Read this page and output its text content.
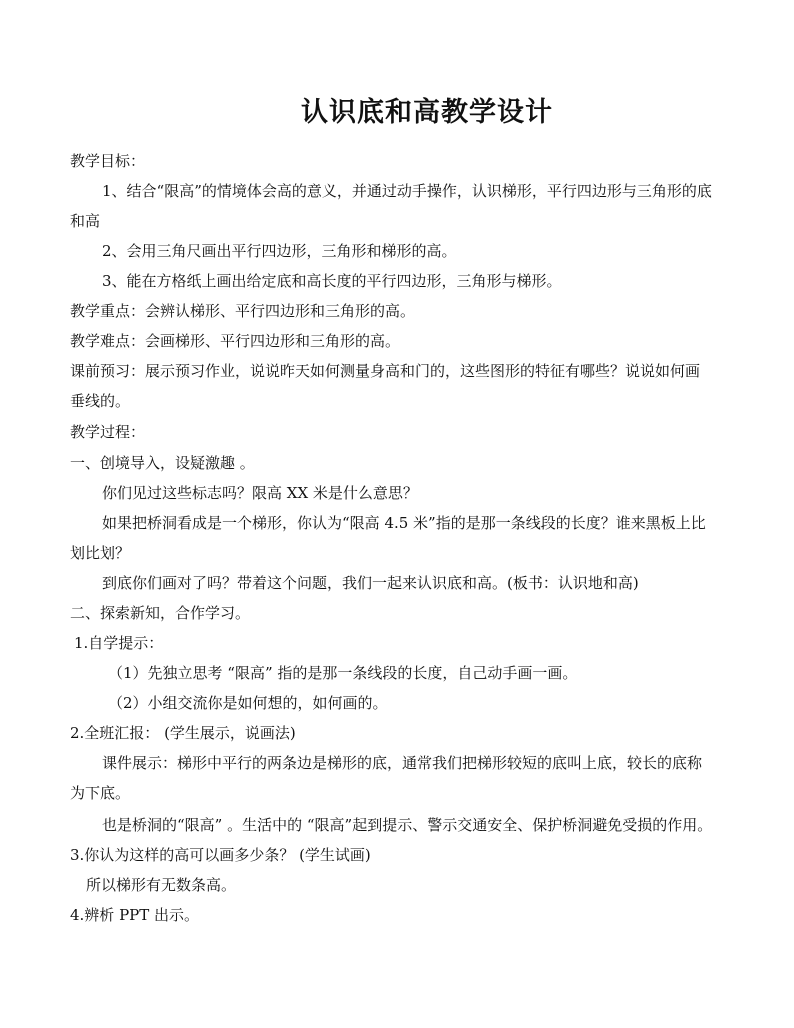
认识底和高教学设计

教学目标：

1、结合“限高”的情境体会高的意义，并通过动手操作，认识梯形，平行四边形与三角形的底

和高

2、会用三角尺画出平行四边形，三角形和梯形的高。

3、能在方格纸上画出给定底和高长度的平行四边形，三角形与梯形。

教学重点：会辨认梯形、平行四边形和三角形的高。

教学难点：会画梯形、平行四边形和三角形的高。

课前预习：展示预习作业，说说昨天如何测量身高和门的，这些图形的特征有哪些？说说如何画

垂线的。

教学过程：

一、创境导入，设疑激趣 。

你们见过这些标志吗？限高 XX 米是什么意思？

如果把桥洞看成是一个梯形，你认为“限高 4.5 米”指的是那一条线段的长度？谁来黑板上比

划比划？

到底你们画对了吗？带着这个问题，我们一起来认识底和高。(板书：认识地和高)

二、探索新知，合作学习。

1.自学提示：

（1）先独立思考 “限高” 指的是那一条线段的长度，自己动手画一画。

（2）小组交流你是如何想的，如何画的。

2.全班汇报： (学生展示，说画法)

课件展示：梯形中平行的两条边是梯形的底，通常我们把梯形较短的底叫上底，较长的底称

为下底。

也是桥洞的“限高” 。生活中的 “限高”起到提示、警示交通安全、保护桥洞避免受损的作用。

3.你认为这样的高可以画多少条？ (学生试画)

所以梯形有无数条高。

4.辨析 PPT 出示。
